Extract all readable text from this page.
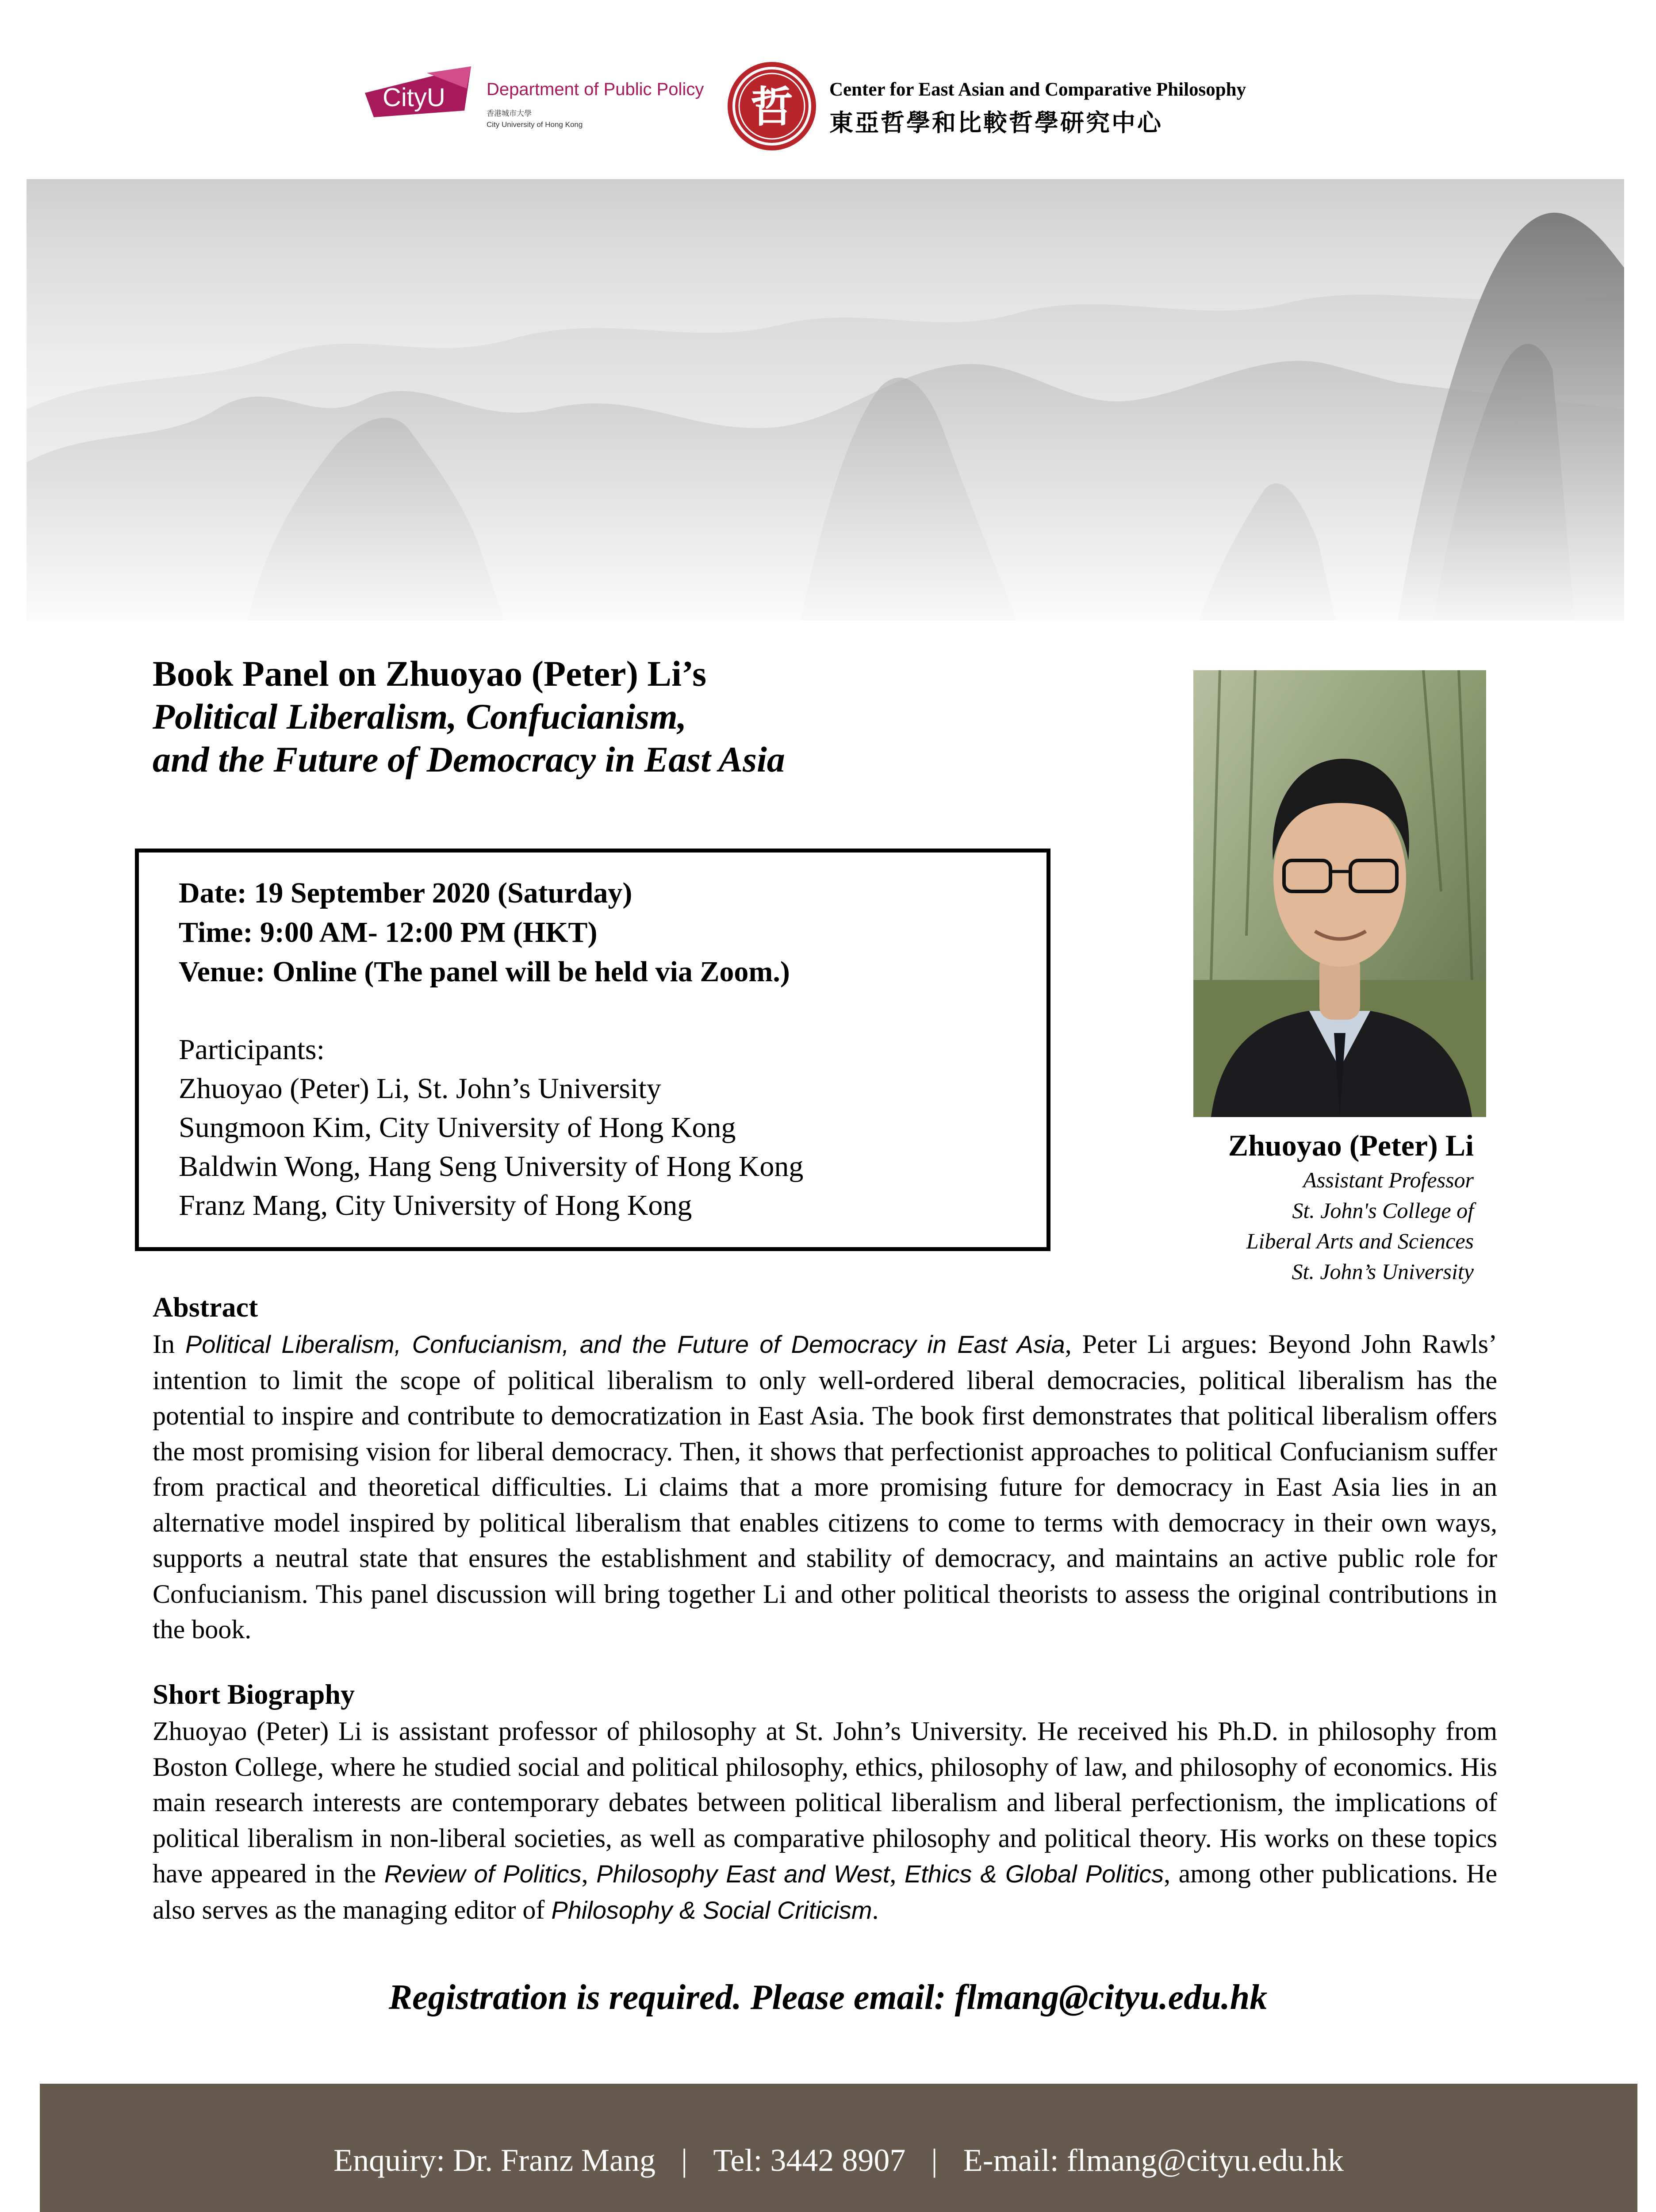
CityU Department of Public Policy
香港城市大學
City University of Hong Kong	哲 Center for East Asian and Comparative Philosophy
東亞哲學和比較哲學研究中心
Book Panel on Zhuoyao (Peter) Li’s
Political Liberalism, Confucianism,
and the Future of Democracy in East Asia
Date: 19 September 2020 (Saturday)
Time: 9:00 AM- 12:00 PM (HKT)
Venue: Online (The panel will be held via Zoom.)
Participants:
Zhuoyao (Peter) Li, St. John’s University
Sungmoon Kim, City University of Hong Kong
Baldwin Wong, Hang Seng University of Hong Kong
Franz Mang, City University of Hong Kong
Zhuoyao (Peter) Li
Assistant Professor
St. John's College of
Liberal Arts and Sciences
St. John’s University
Abstract
In Political Liberalism, Confucianism, and the Future of Democracy in East Asia, Peter Li argues: Beyond John Rawls’ intention to limit the scope of political liberalism to only well-ordered liberal democracies, political liberalism has the potential to inspire and contribute to democratization in East Asia. The book first demonstrates that political liberalism offers the most promising vision for liberal democracy. Then, it shows that perfectionist approaches to political Confucianism suffer from practical and theoretical difficulties. Li claims that a more promising future for democracy in East Asia lies in an alternative model inspired by political liberalism that enables citizens to come to terms with democracy in their own ways, supports a neutral state that ensures the establishment and stability of democracy, and maintains an active public role for Confucianism. This panel discussion will bring together Li and other political theorists to assess the original contributions in the book.
Short Biography
Zhuoyao (Peter) Li is assistant professor of philosophy at St. John’s University. He received his Ph.D. in philosophy from Boston College, where he studied social and political philosophy, ethics, philosophy of law, and philosophy of economics. His main research interests are contemporary debates between political liberalism and liberal perfectionism, the implications of political liberalism in non-liberal societies, as well as comparative philosophy and political theory. His works on these topics have appeared in the Review of Politics, Philosophy East and West, Ethics & Global Politics, among other publications. He also serves as the managing editor of Philosophy & Social Criticism.
Registration is required. Please email: flmang@cityu.edu.hk
Enquiry: Dr. Franz Mang | Tel: 3442 8907 | E-mail: flmang@cityu.edu.hk
